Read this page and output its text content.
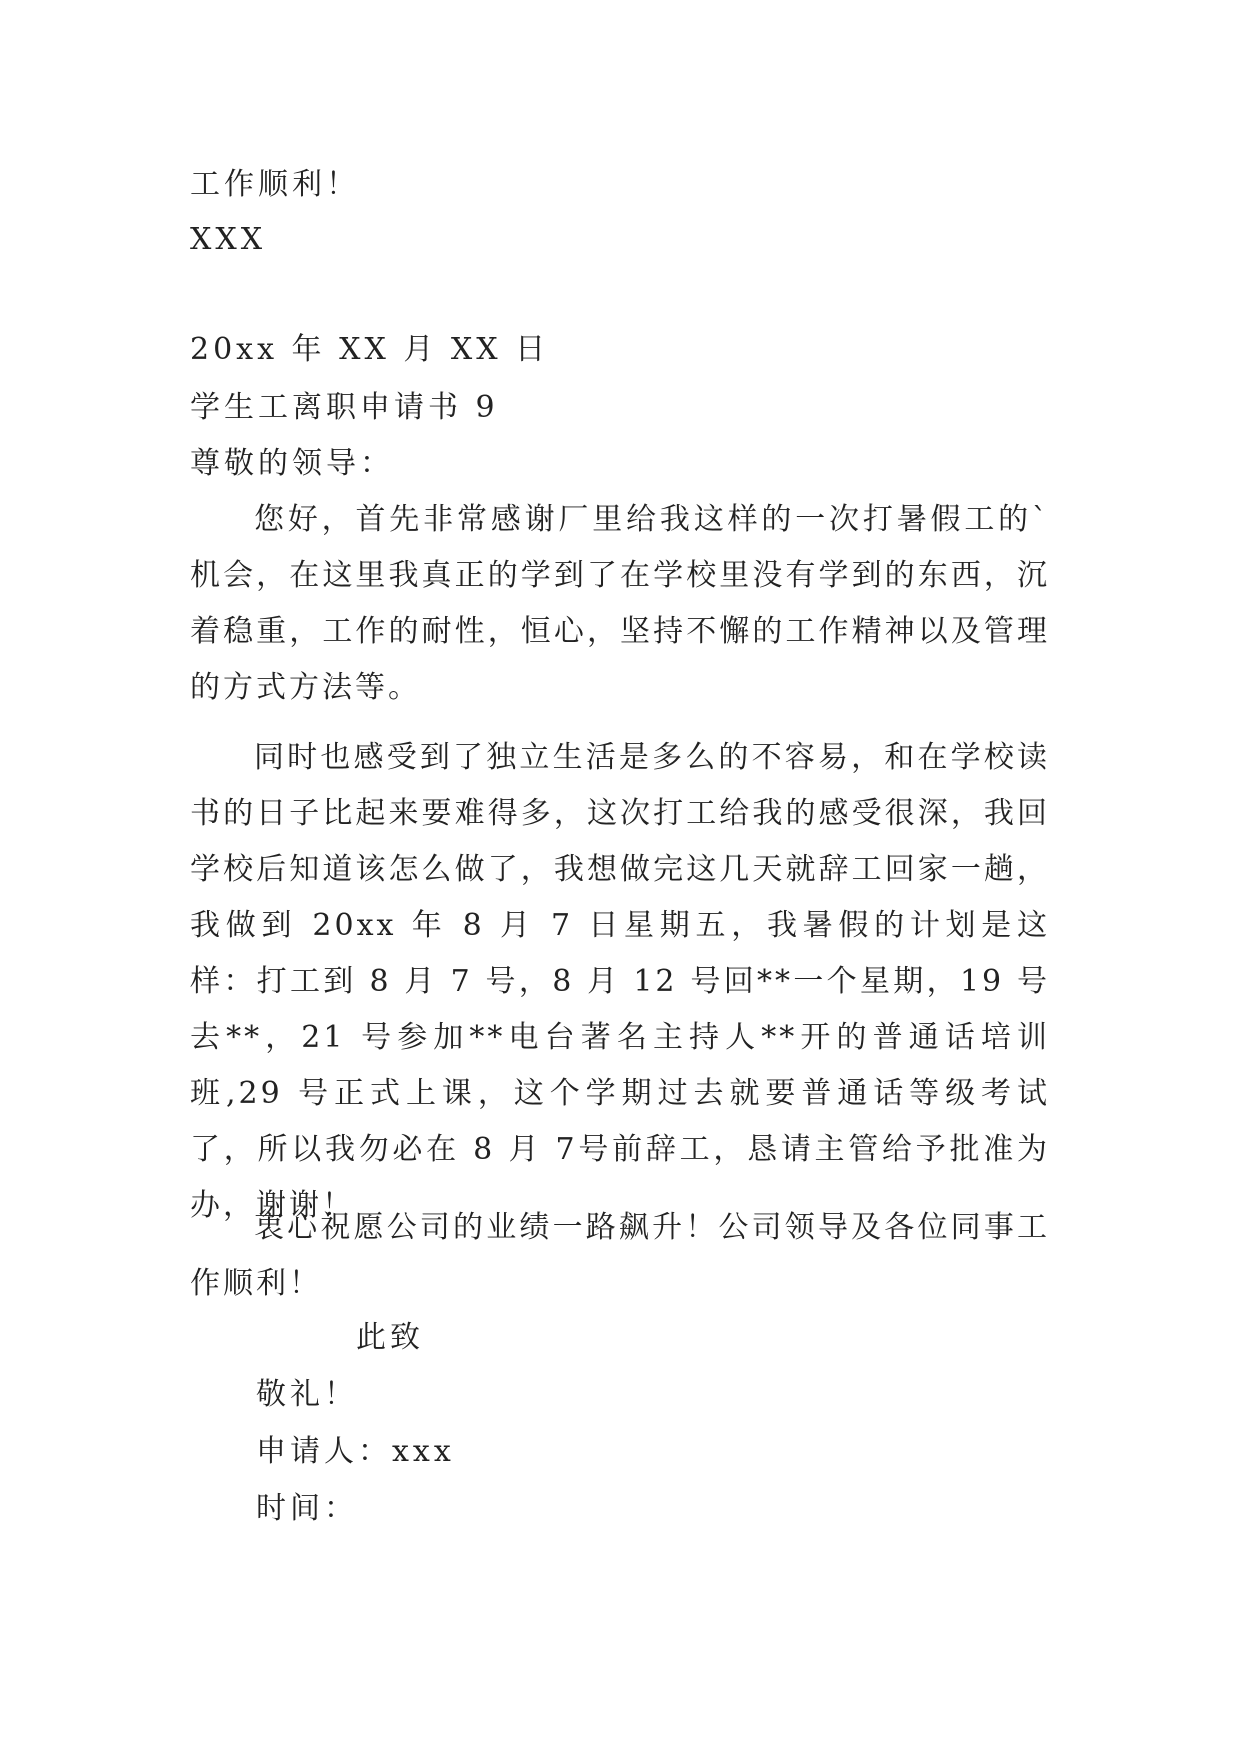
工作顺利！
XXX
20xx 年 XX 月 XX 日
学生工离职申请书 9
尊敬的领导：
您好，首先非常感谢厂里给我这样的一次打暑假工的`机会，在这里我真正的学到了在学校里没有学到的东西，沉着稳重，工作的耐性，恒心，坚持不懈的工作精神以及管理的方式方法等。
同时也感受到了独立生活是多么的不容易，和在学校读书的日子比起来要难得多，这次打工给我的感受很深，我回学校后知道该怎么做了，我想做完这几天就辞工回家一趟，我做到 20xx 年 8 月 7 日星期五，我暑假的计划是这样：打工到 8 月 7 号，8 月 12 号回**一个星期，19 号去**，21 号参加**电台著名主持人**开的普通话培训班,29 号正式上课，这个学期过去就要普通话等级考试了，所以我勿必在 8 月 7号前辞工，恳请主管给予批准为办，谢谢！
衷心祝愿公司的业绩一路飙升！公司领导及各位同事工作顺利！
此致
敬礼！
申请人：xxx
时间：
